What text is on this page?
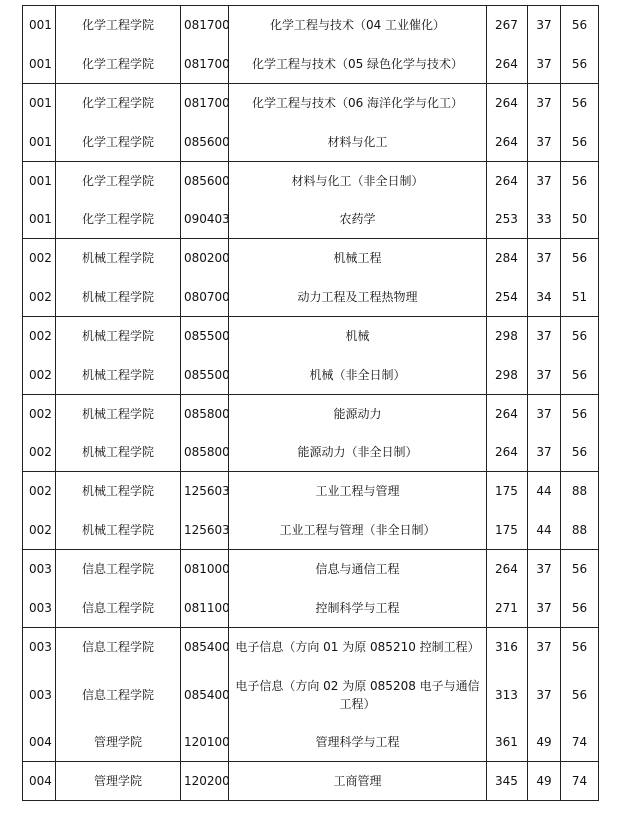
001	化学工程学院	081700	化学工程与技术（04 工业催化）	267	37	56
001	化学工程学院	081700	化学工程与技术（05 绿色化学与技术）	264	37	56
001	化学工程学院	081700	化学工程与技术（06 海洋化学与化工）	264	37	56
001	化学工程学院	085600	材料与化工	264	37	56
001	化学工程学院	085600	材料与化工（非全日制）	264	37	56
001	化学工程学院	090403	农药学	253	33	50
002	机械工程学院	080200	机械工程	284	37	56
002	机械工程学院	080700	动力工程及工程热物理	254	34	51
002	机械工程学院	085500	机械	298	37	56
002	机械工程学院	085500	机械（非全日制）	298	37	56
002	机械工程学院	085800	能源动力	264	37	56
002	机械工程学院	085800	能源动力（非全日制）	264	37	56
002	机械工程学院	125603	工业工程与管理	175	44	88
002	机械工程学院	125603	工业工程与管理（非全日制）	175	44	88
003	信息工程学院	081000	信息与通信工程	264	37	56
003	信息工程学院	081100	控制科学与工程	271	37	56
003	信息工程学院	085400	电子信息（方向 01 为原 085210 控制工程）	316	37	56
003	信息工程学院	085400	电子信息（方向 02 为原 085208 电子与通信工程）	313	37	56
004	管理学院	120100	管理科学与工程	361	49	74
004	管理学院	120200	工商管理	345	49	74
